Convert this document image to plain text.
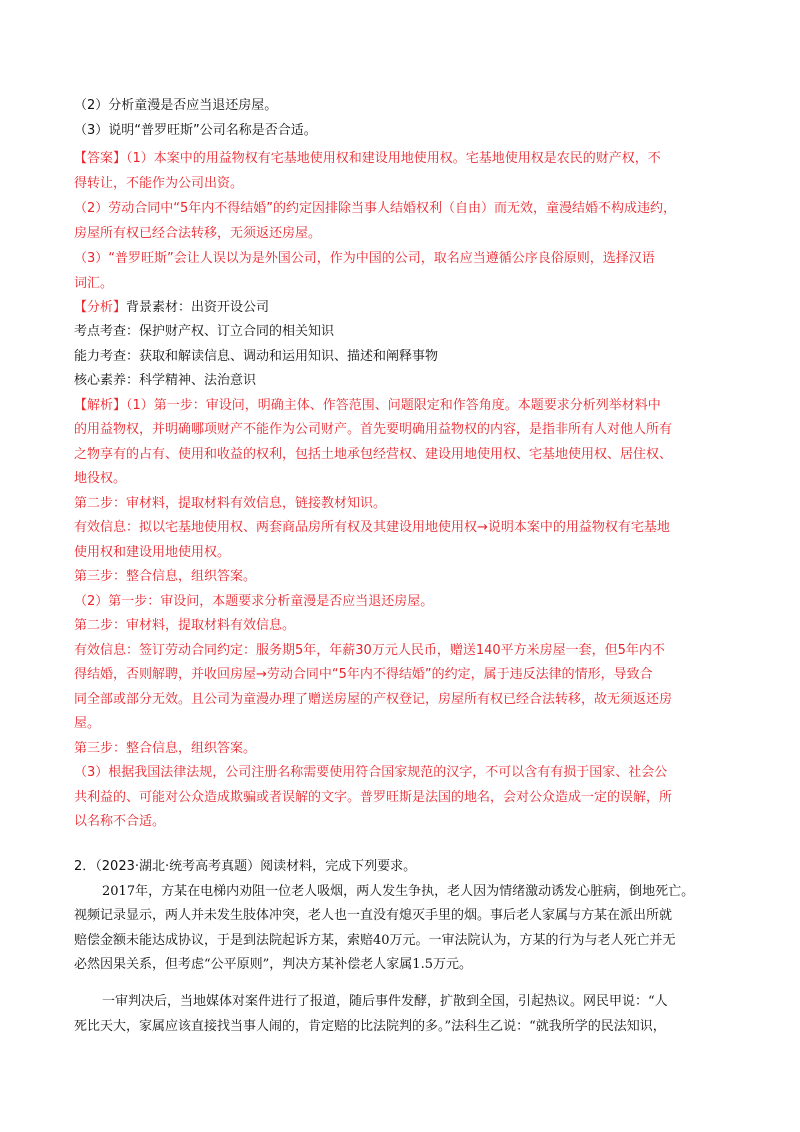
（2）分析童漫是否应当退还房屋。
（3）说明“普罗旺斯”公司名称是否合适。
【答案】（1）本案中的用益物权有宅基地使用权和建设用地使用权。宅基地使用权是农民的财产权，不
得转让，不能作为公司出资。
（2）劳动合同中“5年内不得结婚”的约定因排除当事人结婚权利（自由）而无效，童漫结婚不构成违约，
房屋所有权已经合法转移，无须返还房屋。
（3）“普罗旺斯”会让人误以为是外国公司，作为中国的公司，取名应当遵循公序良俗原则，选择汉语
词汇。
【分析】背景素材：出资开设公司
考点考查：保护财产权、订立合同的相关知识
能力考查：获取和解读信息、调动和运用知识、描述和阐释事物
核心素养：科学精神、法治意识
【解析】（1）第一步：审设问，明确主体、作答范围、问题限定和作答角度。本题要求分析列举材料中
的用益物权，并明确哪项财产不能作为公司财产。首先要明确用益物权的内容，是指非所有人对他人所有
之物享有的占有、使用和收益的权利，包括土地承包经营权、建设用地使用权、宅基地使用权、居住权、
地役权。
第二步：审材料，提取材料有效信息，链接教材知识。
有效信息：拟以宅基地使用权、两套商品房所有权及其建设用地使用权→说明本案中的用益物权有宅基地
使用权和建设用地使用权。
第三步：整合信息，组织答案。
（2）第一步：审设问，本题要求分析童漫是否应当退还房屋。
第二步：审材料，提取材料有效信息。
有效信息：签订劳动合同约定：服务期5年，年薪30万元人民币，赠送140平方米房屋一套，但5年内不
得结婚，否则解聘，并收回房屋→劳动合同中“5年内不得结婚”的约定，属于违反法律的情形，导致合
同全部或部分无效。且公司为童漫办理了赠送房屋的产权登记，房屋所有权已经合法转移，故无须返还房
屋。
第三步：整合信息，组织答案。
（3）根据我国法律法规，公司注册名称需要使用符合国家规范的汉字，不可以含有有损于国家、社会公
共利益的、可能对公众造成欺骗或者误解的文字。普罗旺斯是法国的地名，会对公众造成一定的误解，所
以名称不合适。
2．（2023·湖北·统考高考真题）阅读材料，完成下列要求。
2017年，方某在电梯内劝阻一位老人吸烟，两人发生争执，老人因为情绪激动诱发心脏病，倒地死亡。
视频记录显示，两人并未发生肢体冲突，老人也一直没有熄灭手里的烟。事后老人家属与方某在派出所就
赔偿金额未能达成协议，于是到法院起诉方某，索赔40万元。一审法院认为，方某的行为与老人死亡并无
必然因果关系，但考虑“公平原则”，判决方某补偿老人家属1.5万元。
一审判决后，当地媒体对案件进行了报道，随后事件发酵，扩散到全国，引起热议。网民甲说：“人
死比天大，家属应该直接找当事人闹的，肯定赔的比法院判的多。”法科生乙说：“就我所学的民法知识，
